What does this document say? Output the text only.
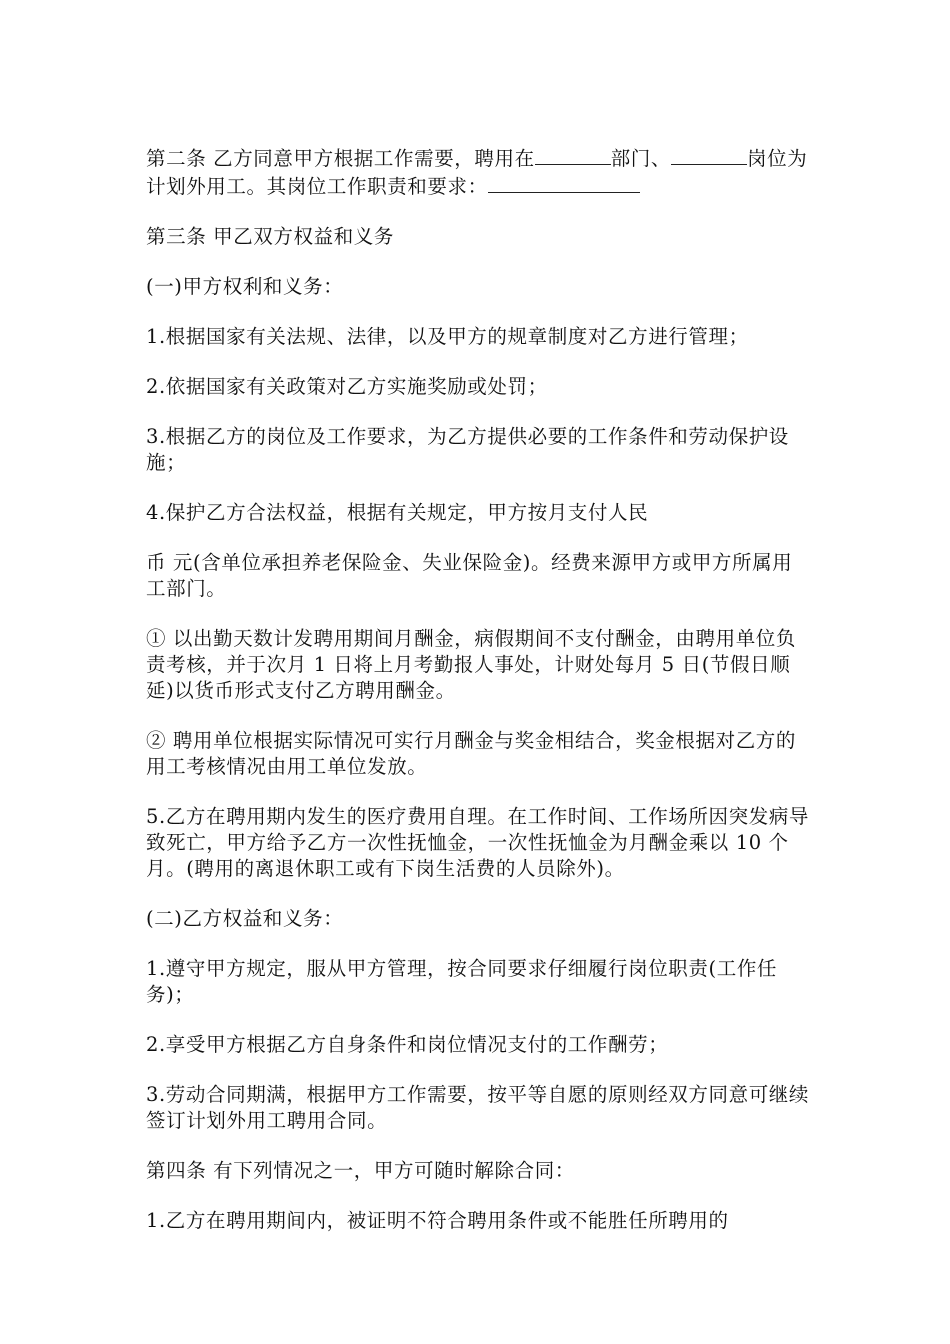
第二条 乙方同意甲方根据工作需要，聘用在	部门、	岗位为计划外用工。其岗位工作职责和要求：

第三条 甲乙双方权益和义务

(一)甲方权利和义务：

1.根据国家有关法规、法律，以及甲方的规章制度对乙方进行管理；

2.依据国家有关政策对乙方实施奖励或处罚；

3.根据乙方的岗位及工作要求，为乙方提供必要的工作条件和劳动保护设施；

4.保护乙方合法权益，根据有关规定，甲方按月支付人民

币 元(含单位承担养老保险金、失业保险金)。经费来源甲方或甲方所属用工部门。

① 以出勤天数计发聘用期间月酬金，病假期间不支付酬金，由聘用单位负责考核，并于次月 1 日将上月考勤报人事处，计财处每月 5 日(节假日顺延)以货币形式支付乙方聘用酬金。

② 聘用单位根据实际情况可实行月酬金与奖金相结合，奖金根据对乙方的用工考核情况由用工单位发放。

5.乙方在聘用期内发生的医疗费用自理。在工作时间、工作场所因突发病导致死亡，甲方给予乙方一次性抚恤金，一次性抚恤金为月酬金乘以 10 个月。(聘用的离退休职工或有下岗生活费的人员除外)。

(二)乙方权益和义务：

1.遵守甲方规定，服从甲方管理，按合同要求仔细履行岗位职责(工作任务)；

2.享受甲方根据乙方自身条件和岗位情况支付的工作酬劳；

3.劳动合同期满，根据甲方工作需要，按平等自愿的原则经双方同意可继续签订计划外用工聘用合同。

第四条 有下列情况之一，甲方可随时解除合同：

1.乙方在聘用期间内，被证明不符合聘用条件或不能胜任所聘用的
